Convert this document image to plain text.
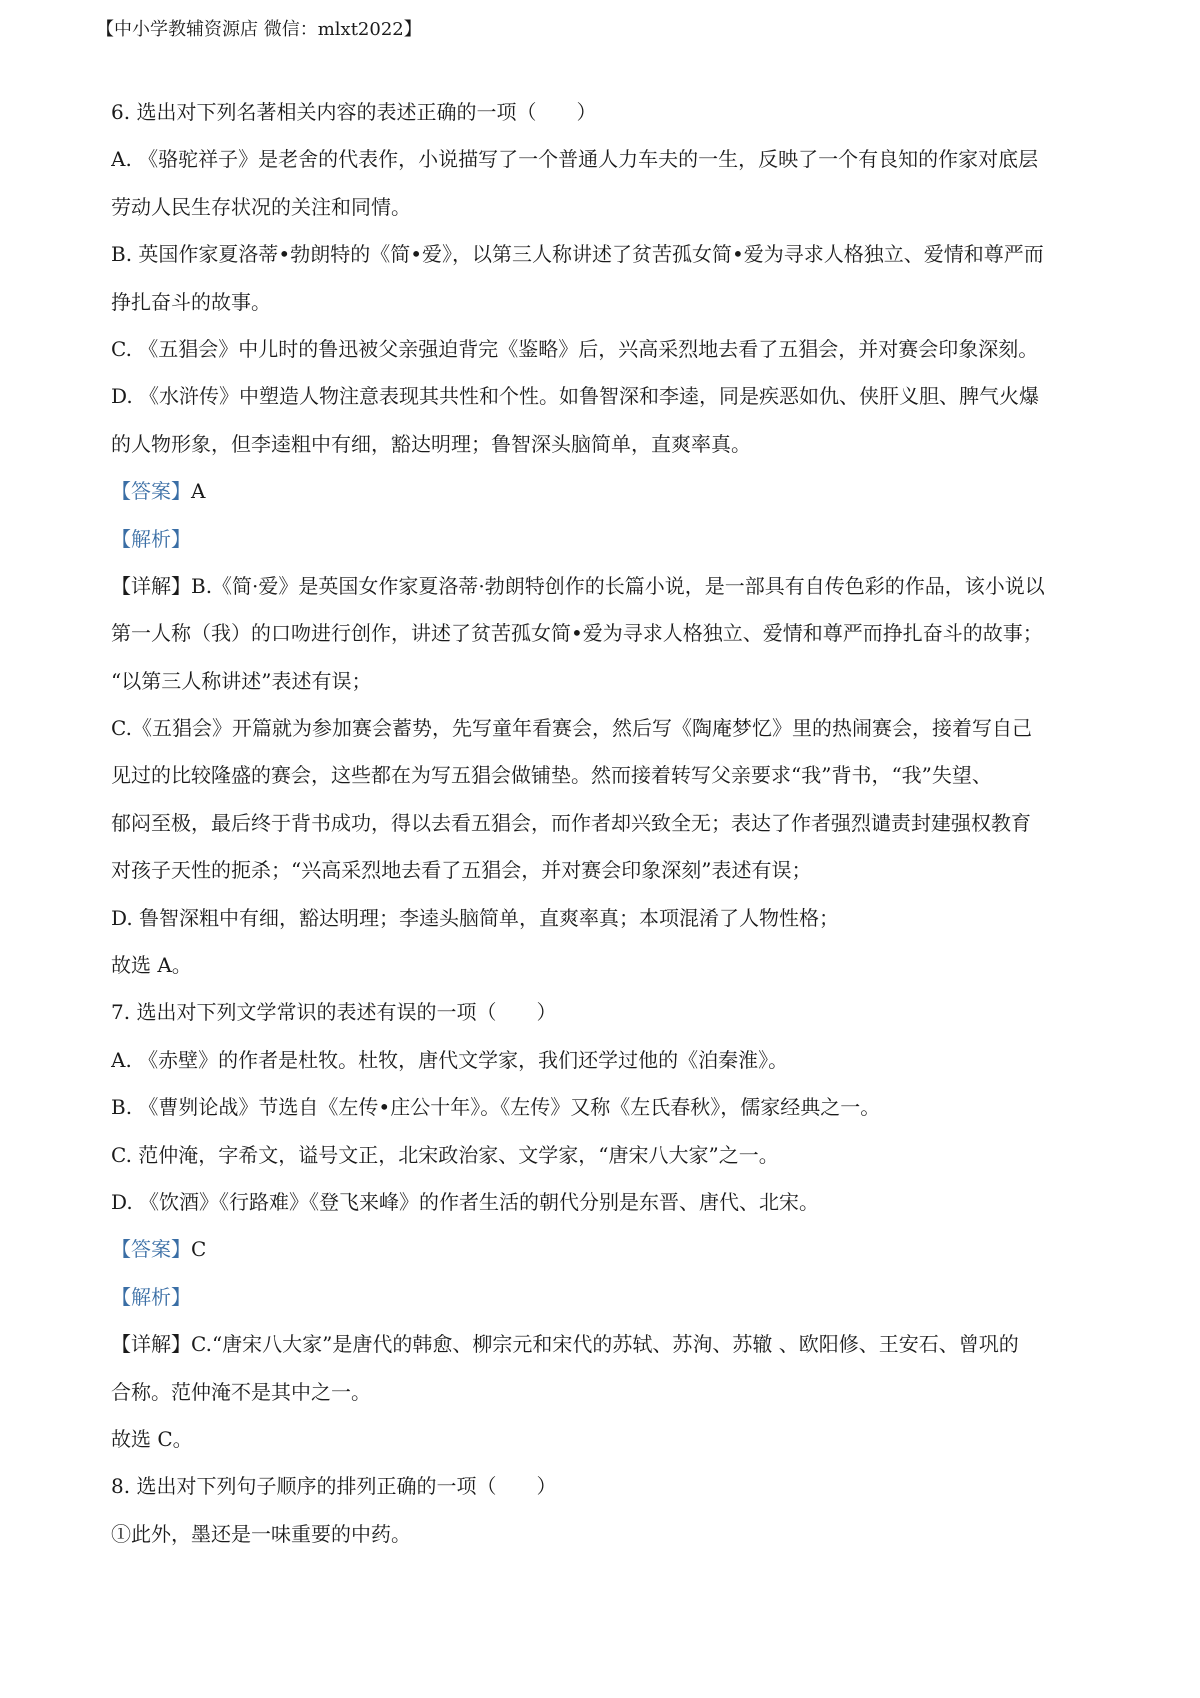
【中小学教辅资源店 微信：mlxt2022】
6. 选出对下列名著相关内容的表述正确的一项（　　）
A. 《骆驼祥子》是老舍的代表作，小说描写了一个普通人力车夫的一生，反映了一个有良知的作家对底层
劳动人民生存状况的关注和同情。
B. 英国作家夏洛蒂•勃朗特的《简•爱》，以第三人称讲述了贫苦孤女简•爱为寻求人格独立、爱情和尊严而
挣扎奋斗的故事。
C. 《五猖会》中儿时的鲁迅被父亲强迫背完《鉴略》后，兴高采烈地去看了五猖会，并对赛会印象深刻。
D. 《水浒传》中塑造人物注意表现其共性和个性。如鲁智深和李逵，同是疾恶如仇、侠肝义胆、脾气火爆
的人物形象，但李逵粗中有细，豁达明理；鲁智深头脑简单，直爽率真。
【答案】A
【解析】
【详解】B.《简·爱》是英国女作家夏洛蒂·勃朗特创作的长篇小说，是一部具有自传色彩的作品，该小说以
第一人称（我）的口吻进行创作，讲述了贫苦孤女简•爱为寻求人格独立、爱情和尊严而挣扎奋斗的故事；
“以第三人称讲述”表述有误；
C.《五猖会》开篇就为参加赛会蓄势，先写童年看赛会，然后写《陶庵梦忆》里的热闹赛会，接着写自己
见过的比较隆盛的赛会，这些都在为写五猖会做铺垫。然而接着转写父亲要求“我”背书，“我”失望、
郁闷至极，最后终于背书成功，得以去看五猖会，而作者却兴致全无；表达了作者强烈谴责封建强权教育
对孩子天性的扼杀；“兴高采烈地去看了五猖会，并对赛会印象深刻”表述有误；
D. 鲁智深粗中有细，豁达明理；李逵头脑简单，直爽率真；本项混淆了人物性格；
故选 A。
7. 选出对下列文学常识的表述有误的一项（　　）
A. 《赤壁》的作者是杜牧。杜牧，唐代文学家，我们还学过他的《泊秦淮》。
B. 《曹刿论战》节选自《左传•庄公十年》。《左传》又称《左氏春秋》，儒家经典之一。
C. 范仲淹，字希文，谥号文正，北宋政治家、文学家，“唐宋八大家”之一。
D. 《饮酒》《行路难》《登飞来峰》的作者生活的朝代分别是东晋、唐代、北宋。
【答案】C
【解析】
【详解】C.“唐宋八大家”是唐代的韩愈、柳宗元和宋代的苏轼、苏洵、苏辙 、欧阳修、王安石、曾巩的
合称。范仲淹不是其中之一。
故选 C。
8. 选出对下列句子顺序的排列正确的一项（　　）
①此外，墨还是一味重要的中药。
